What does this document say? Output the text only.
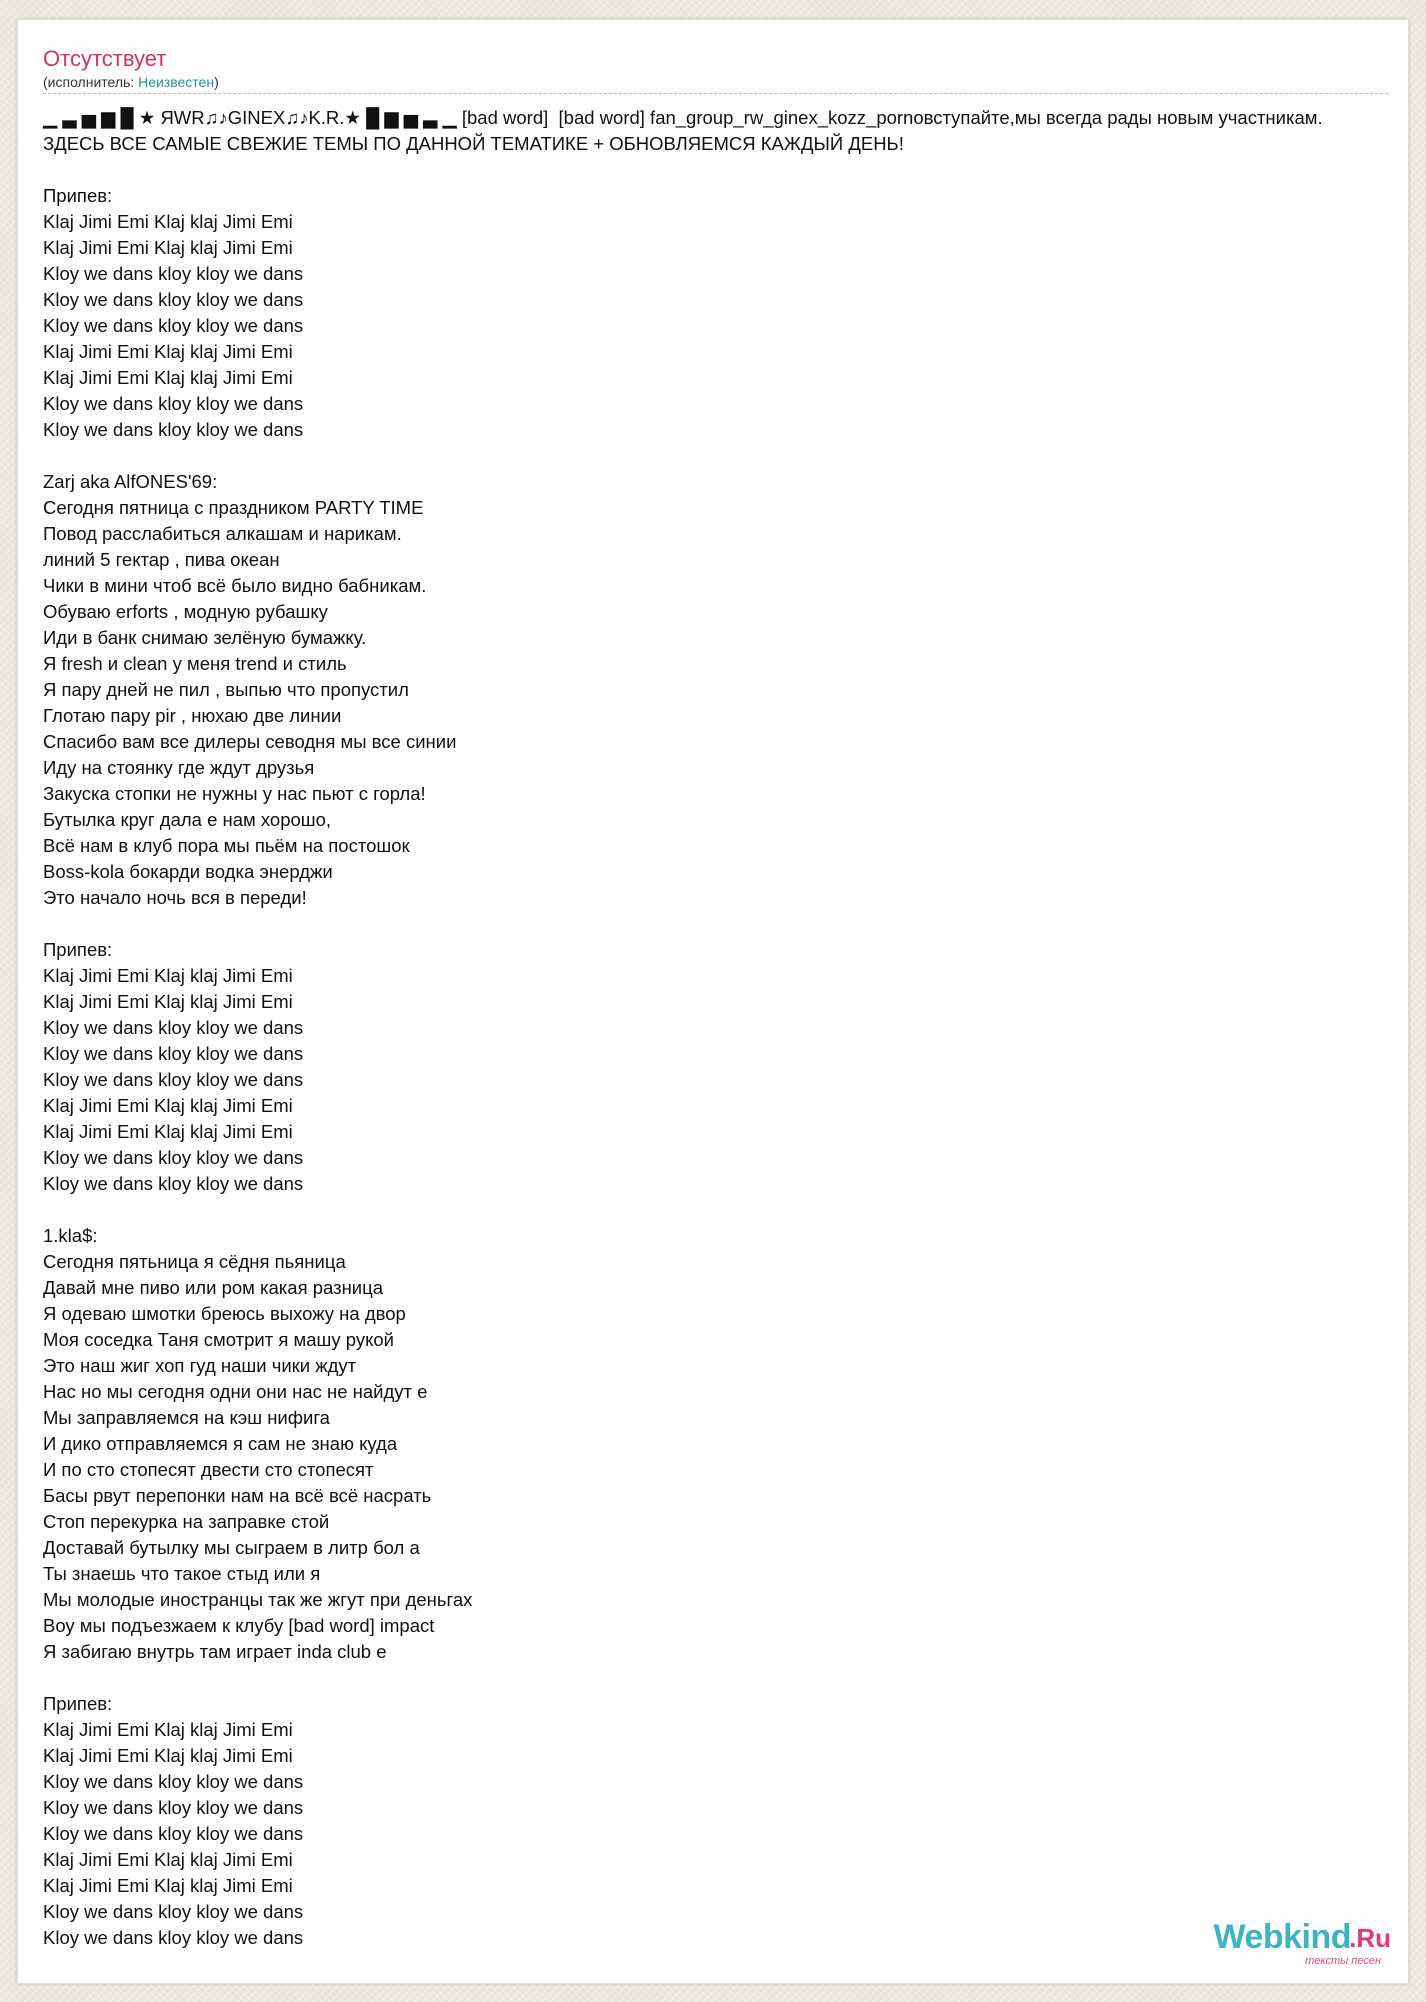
Отсутствует
(исполнитель: Неизвестен)
▁ ▃ ▅ ▆ █ ★ ЯWR♫♪GINEX♫♪K.R.★ █ ▆ ▅ ▃ ▁ [bad word]  [bad word] fan_group_rw_ginex_kozz_pornовступайте,мы всегда рады новым участникам.
ЗДЕСЬ ВСЕ САМЫЕ СВЕЖИЕ ТЕМЫ ПО ДАННОЙ ТЕМАТИКЕ + ОБНОВЛЯЕМСЯ КАЖДЫЙ ДЕНЬ!

Припев:
Klaj Jimi Emi Klaj klaj Jimi Emi
Klaj Jimi Emi Klaj klaj Jimi Emi
Kloy we dans kloy kloy we dans
Kloy we dans kloy kloy we dans
Kloy we dans kloy kloy we dans
Klaj Jimi Emi Klaj klaj Jimi Emi
Klaj Jimi Emi Klaj klaj Jimi Emi
Kloy we dans kloy kloy we dans
Kloy we dans kloy kloy we dans

Zarj aka AlfONES'69:
Сегодня пятница с праздником PARTY TIME
Повод расслабиться алкашам и нарикам.
линий 5 гектар , пива океан
Чики в мини чтоб всё было видно бабникам.
Обуваю erforts , модную рубашку
Иди в банк снимаю зелёную бумажку.
Я fresh и clean у меня trend и стиль
Я пару дней не пил , выпью что пропустил
Глотаю пару pir , нюхаю две линии
Спасибо вам все дилеры севодня мы все синии
Иду на стоянку где ждут друзья
Закуска стопки не нужны у нас пьют с горла!
Бутылка круг дала е нам хорошо,
Всё нам в клуб пора мы пьём на постошок
Boss-kola бокарди водка энерджи
Это начало ночь вся в переди!

Припев:
Klaj Jimi Emi Klaj klaj Jimi Emi
Klaj Jimi Emi Klaj klaj Jimi Emi
Kloy we dans kloy kloy we dans
Kloy we dans kloy kloy we dans
Kloy we dans kloy kloy we dans
Klaj Jimi Emi Klaj klaj Jimi Emi
Klaj Jimi Emi Klaj klaj Jimi Emi
Kloy we dans kloy kloy we dans
Kloy we dans kloy kloy we dans

1.kla$:
Сегодня пятьница я сёдня пьяница
Давай мне пиво или ром какая разница
Я одеваю шмотки бреюсь выхожу на двор
Моя соседка Таня смотрит я машу рукой
Это наш жиг хоп гуд наши чики ждут
Нас но мы сегодня одни они нас не найдут е
Мы заправляемся на кэш нифига
И дико отправляемся я сам не знаю куда
И по сто стопесят двести сто стопесят
Басы рвут перепонки нам на всё всё насрать
Стоп перекурка на заправке стой
Доставай бутылку мы сыграем в литр бол а
Ты знаешь что такое стыд или я
Мы молодые иностранцы так же жгут при деньгах
Воу мы подъезжаем к клубу [bad word] impact
Я забигаю внутрь там играет inda club е

Припев:
Klaj Jimi Emi Klaj klaj Jimi Emi
Klaj Jimi Emi Klaj klaj Jimi Emi
Kloy we dans kloy kloy we dans
Kloy we dans kloy kloy we dans
Kloy we dans kloy kloy we dans
Klaj Jimi Emi Klaj klaj Jimi Emi
Klaj Jimi Emi Klaj klaj Jimi Emi
Kloy we dans kloy kloy we dans
Kloy we dans kloy kloy we dans	Webkind
.Ru
тексты песен
